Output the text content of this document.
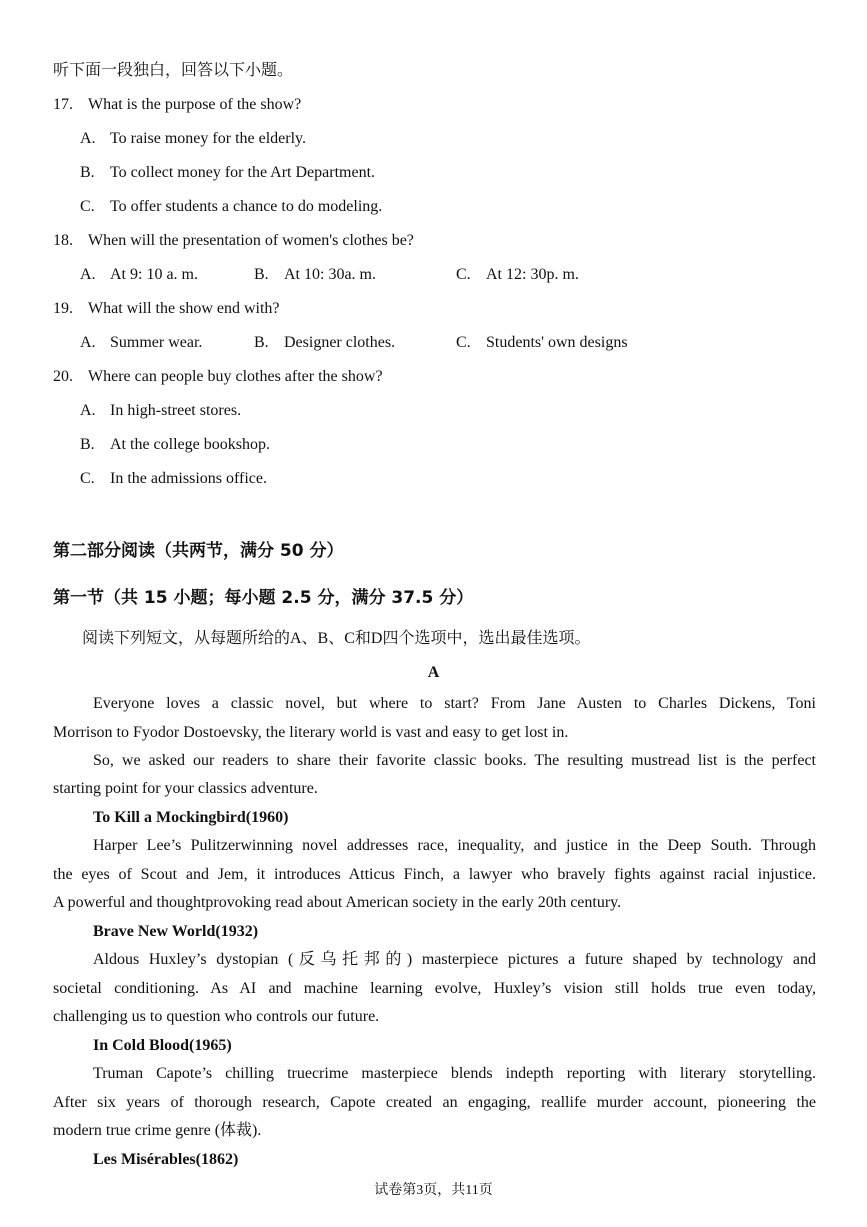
听下面一段独白，回答以下小题。
17. What is the purpose of the show?
A. To raise money for the elderly.
B. To collect money for the Art Department.
C. To offer students a chance to do modeling.
18. When will the presentation of women's clothes be?
A. At 9: 10 a. m.	B. At 10: 30a. m.	C. At 12: 30p. m.
19. What will the show end with?
A. Summer wear.	B. Designer clothes.	C. Students' own designs
20. Where can people buy clothes after the show?
A. In high-street stores.
B. At the college bookshop.
C. In the admissions office.
第二部分阅读（共两节，满分 50 分）
第一节（共 15 小题；每小题 2.5 分，满分 37.5 分）
阅读下列短文，从每题所给的A、B、C和D四个选项中，选出最佳选项。
A
Everyone loves a classic novel, but where to start? From Jane Austen to Charles Dickens, Toni
Morrison to Fyodor Dostoevsky, the literary world is vast and easy to get lost in.
So, we asked our readers to share their favorite classic books. The resulting mustread list is the perfect
starting point for your classics adventure.
To Kill a Mockingbird(1960)
Harper Lee’s Pulitzerwinning novel addresses race, inequality, and justice in the Deep South. Through
the eyes of Scout and Jem, it introduces Atticus Finch, a lawyer who bravely fights against racial injustice.
A powerful and thoughtprovoking read about American society in the early 20th century.
Brave New World(1932)
Aldous Huxley’s dystopian (反乌托邦的) masterpiece pictures a future shaped by technology and
societal conditioning. As AI and machine learning evolve, Huxley’s vision still holds true even today,
challenging us to question who controls our future.
In Cold Blood(1965)
Truman Capote’s chilling truecrime masterpiece blends indepth reporting with literary storytelling.
After six years of thorough research, Capote created an engaging, reallife murder account, pioneering the
modern true crime genre (体裁).
Les Misérables(1862)
试卷第3页，共11页
